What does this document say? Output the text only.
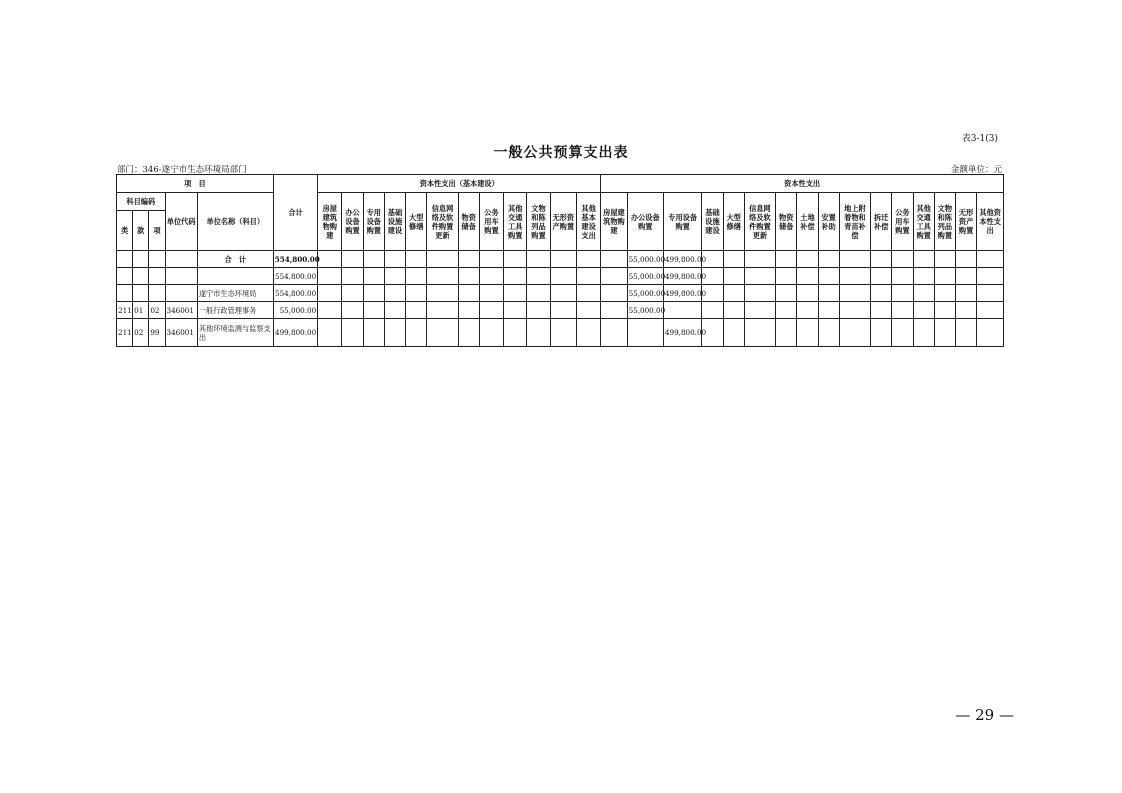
表3-1(3)
一般公共预算支出表
部门：346-遂宁市生态环境局部门	金额单位：元
项　目					合计	资本性支出（基本建设）												资本性支出															
科目编码			单位代码	单位名称（科目）		房屋建筑物购建	办公设备购置	专用设备购置	基础设施建设	大型修缮	信息网络及软件购置更新	物资储备	公务用车购置	其他交通工具购置	文物和陈列品购置	无形资产购置	其他基本建设支出	房屋建筑物购建	办公设备购置	专用设备购置	基础设施建设	大型修缮	信息网络及软件购置更新	物资储备	土地补偿	安置补助	地上附着物和青苗补偿	拆迁补偿	公务用车购置	其他交通工具购置	文物和陈列品购置	无形资产购置	其他资本性支出
类	款	项																															
				合　计	554,800.00														55,000.00	499,800.00													
					554,800.00														55,000.00	499,800.00													
				遂宁市生态环境局	554,800.00														55,000.00	499,800.00													
211	01	02	346001	一般行政管理事务	55,000.00														55,000.00														
211	02	99	346001	其他环境监测与监察支出	499,800.00															499,800.00													
— 29 —
